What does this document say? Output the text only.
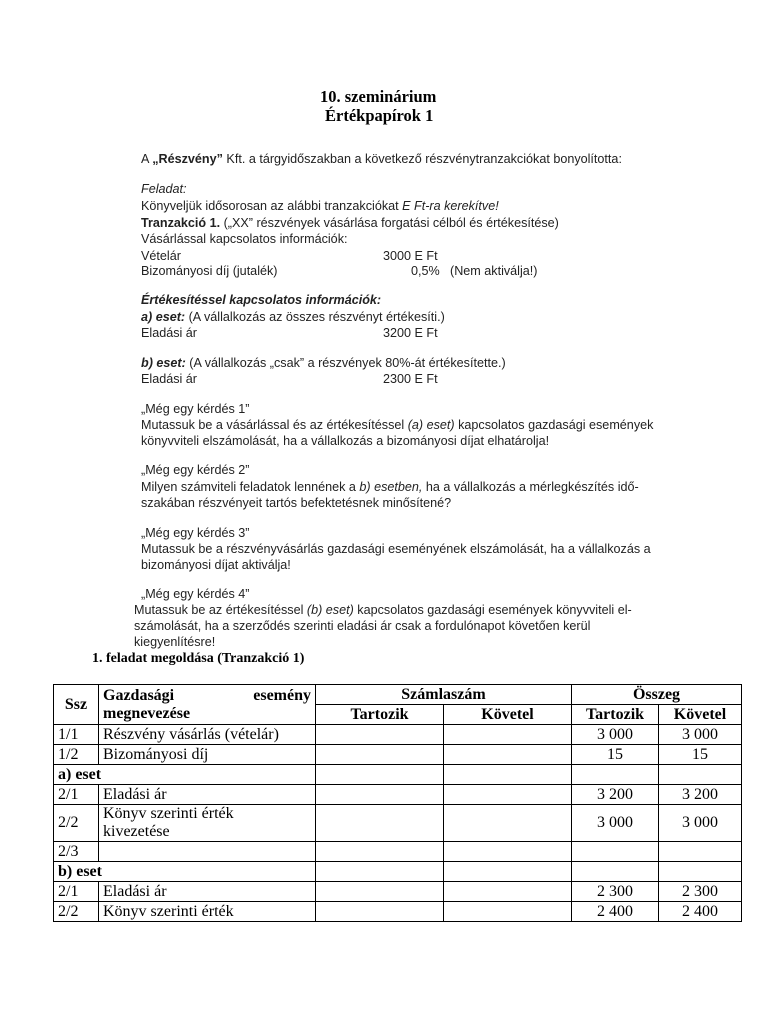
10. szeminárium
Értékpapírok 1
A „Részvény” Kft. a tárgyidőszakban a következő részvénytranzakciókat bonyolította:
Feladat:
Könyveljük idősorosan az alábbi tranzakciókat E Ft-ra kerekítve!
Tranzakció 1. („XX” részvények vásárlása forgatási célból és értékesítése)
Vásárlással kapcsolatos információk:
Vételár	3000 E Ft
Bizományosi díj (jutalék)	0,5% (Nem aktiválja!)
Értékesítéssel kapcsolatos információk:
a) eset: (A vállalkozás az összes részvényt értékesíti.)
Eladási ár	3200 E Ft
b) eset: (A vállalkozás „csak” a részvények 80%-át értékesítette.)
Eladási ár	2300 E Ft
„Még egy kérdés 1”
Mutassuk be a vásárlással és az értékesítéssel (a) eset) kapcsolatos gazdasági események
könyvviteli elszámolását, ha a vállalkozás a bizományosi díjat elhatárolja!
„Még egy kérdés 2”
Milyen számviteli feladatok lennének a b) esetben, ha a vállalkozás a mérlegkészítés idő-
szakában részvényeit tartós befektetésnek minősítené?
„Még egy kérdés 3”
Mutassuk be a részvényvásárlás gazdasági eseményének elszámolását, ha a vállalkozás a
bizományosi díjat aktiválja!
„Még egy kérdés 4”
Mutassuk be az értékesítéssel (b) eset) kapcsolatos gazdasági események könyvviteli el-
számolását, ha a szerződés szerinti eladási ár csak a fordulónapot követően kerül
kiegyenlítésre!
1. feladat megoldása (Tranzakció 1)
Ssz	Gazdasági esemény
megnevezése	Számlaszám		Összeg	
		Tartozik	Követel	Tartozik	Követel
1/1	Részvény vásárlás (vételár)			3 000	3 000
1/2	Bizományosi díj			15	15
a) eset					
2/1	Eladási ár			3 200	3 200
2/2	Könyv szerinti érték
kivezetése			3 000	3 000
2/3					
b) eset					
2/1	Eladási ár			2 300	2 300
2/2	Könyv szerinti érték			2 400	2 400
